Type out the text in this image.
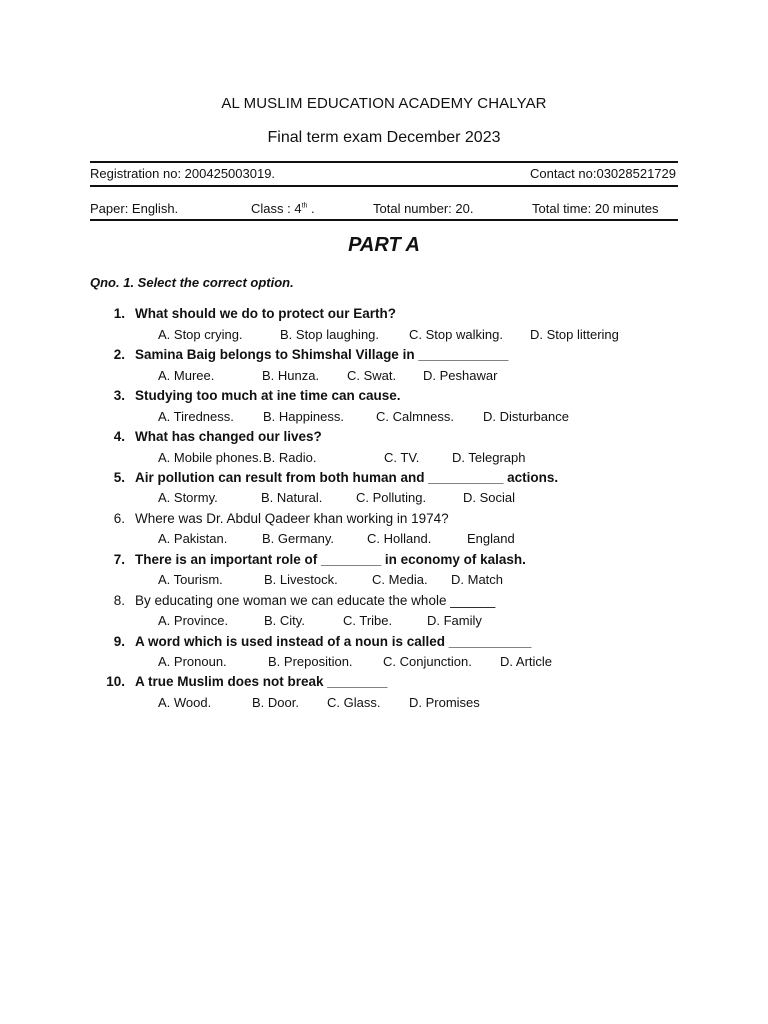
AL MUSLIM EDUCATION ACADEMY CHALYAR
Final term exam December 2023
Registration no: 200425003019.	Contact no:03028521729
Paper: English.	Class : 4th .	Total number: 20.	Total time: 20 minutes
PART A
Qno. 1. Select the correct option.
1. What should we do to protect our Earth?
A. Stop crying.	B. Stop laughing. C. Stop walking. D. Stop littering
2. Samina Baig belongs to Shimshal Village in ____________
A. Muree.	B. Hunza. C. Swat. D. Peshawar
3. Studying too much at ine time can cause.
A. Tiredness. B. Happiness. C. Calmness. D. Disturbance
4. What has changed our lives?
A. Mobile phones. B. Radio.	C. TV.	D. Telegraph
5. Air pollution can result from both human and __________ actions.
A. Stormy.	B. Natural.	C. Polluting.	D. Social
6. Where was Dr. Abdul Qadeer khan working in 1974?
A. Pakistan.	B. Germany.	C. Holland.	England
7. There is an important role of ________ in economy of kalash.
A. Tourism.	B. Livestock.	C. Media. D. Match
8. By educating one woman we can educate the whole ______
A. Province.	B. City.	C. Tribe.	D. Family
9. A word which is used instead of a noun is called ___________
A. Pronoun.	B. Preposition. C. Conjunction. D. Article
10. A true Muslim does not break ________
A. Wood.	B. Door. C. Glass. D. Promises
